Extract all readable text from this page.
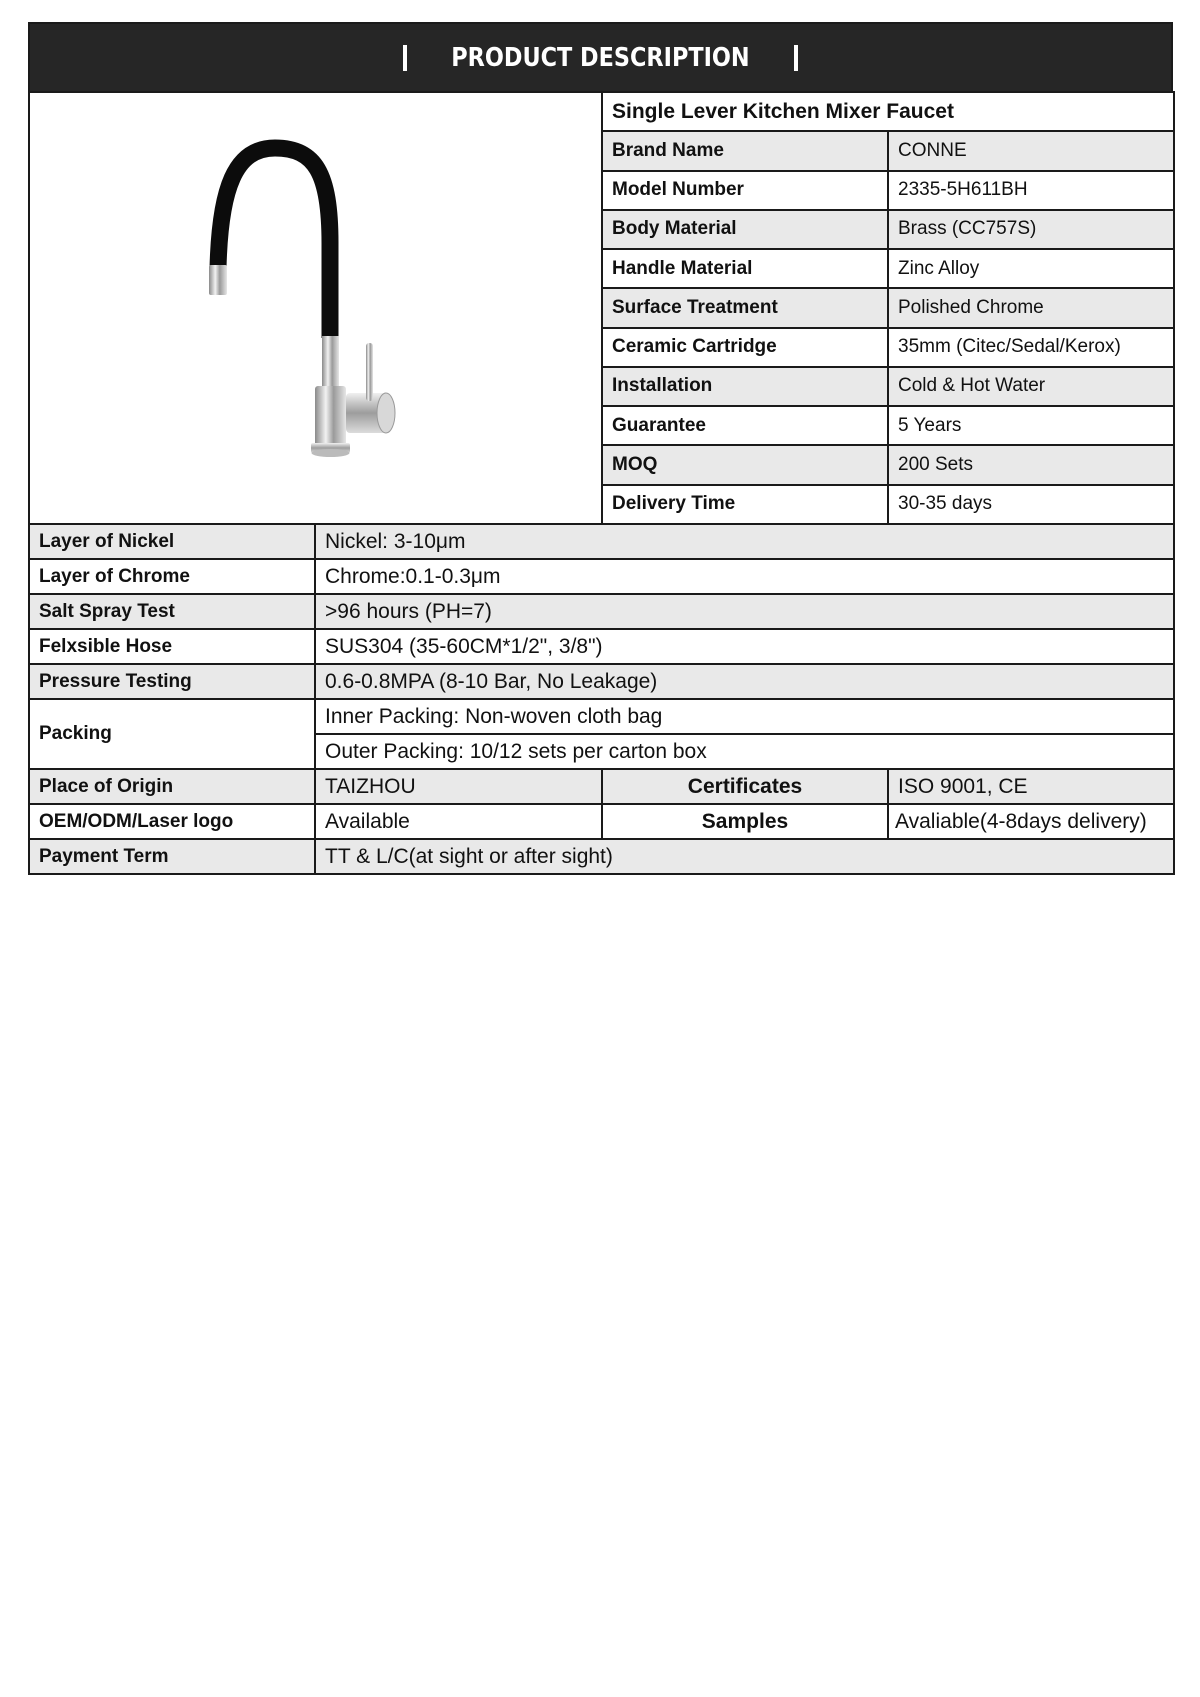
PRODUCT DESCRIPTION
	Single Lever Kitchen Mixer Faucet	
		Brand Name	CONNE
		Model Number	2335-5H611BH
		Body Material	Brass (CC757S)
		Handle Material	Zinc Alloy
		Surface Treatment	Polished Chrome
		Ceramic Cartridge	35mm (Citec/Sedal/Kerox)
		Installation	Cold & Hot Water
		Guarantee	5 Years
		MOQ	200 Sets
		Delivery Time	30-35 days
Layer of Nickel	Nickel: 3-10μm		
Layer of Chrome	Chrome:0.1-0.3μm		
Salt Spray Test	>96 hours (PH=7)		
Felxsible Hose	SUS304 (35-60CM*1/2", 3/8")		
Pressure Testing	0.6-0.8MPA (8-10 Bar, No Leakage)		
Packing	Inner Packing: Non-woven cloth bag		
	Outer Packing: 10/12 sets per carton box		
Place of Origin	TAIZHOU	Certificates	ISO 9001, CE
OEM/ODM/Laser logo	Available	Samples	Avaliable(4-8days delivery)
Payment Term	TT & L/C(at sight or after sight)		
